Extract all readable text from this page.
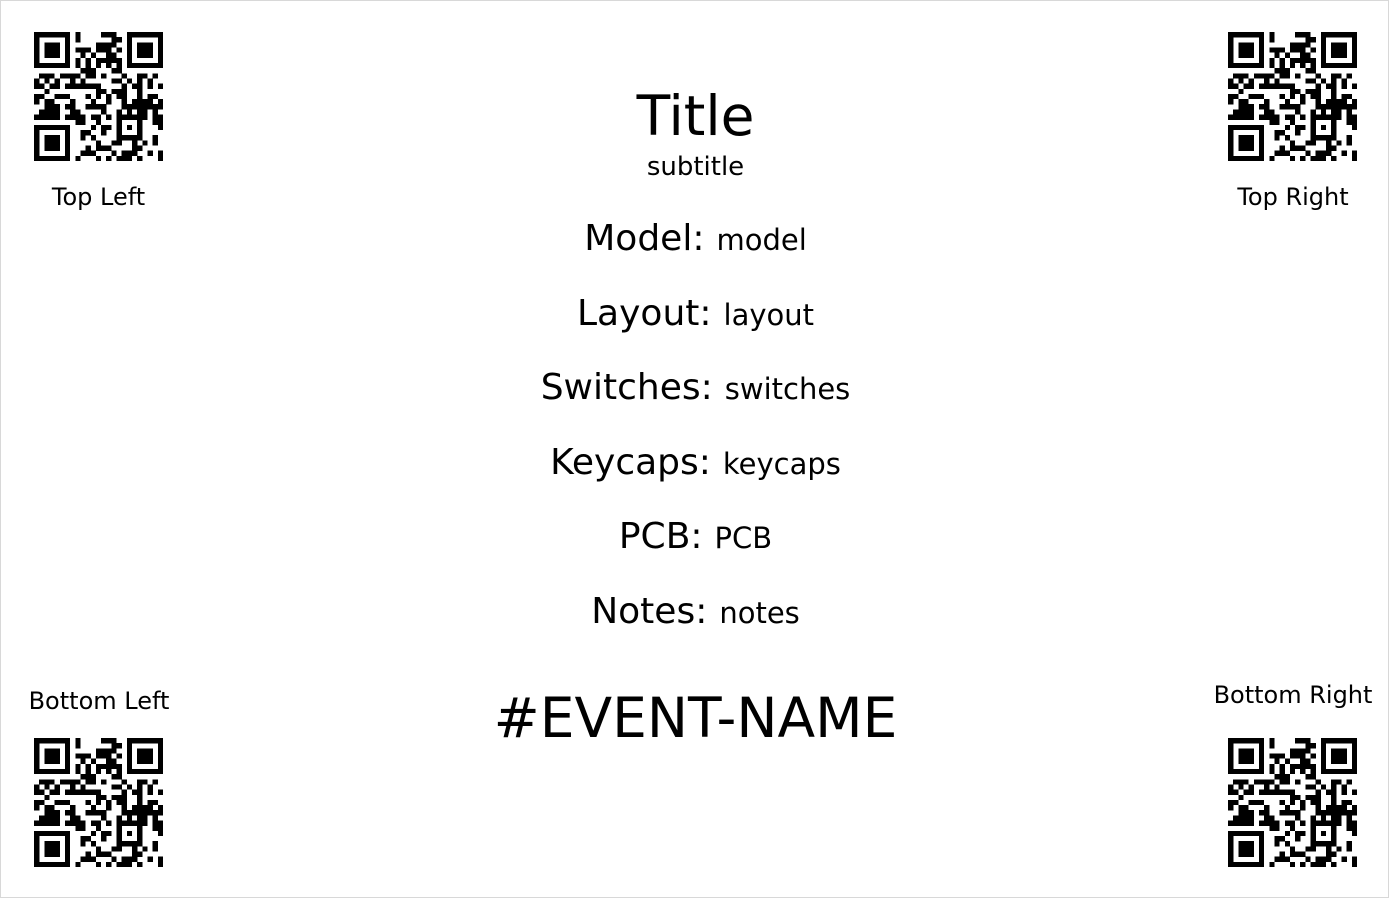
Top Left	Top Right
Bottom Left	Bottom Right
Title
subtitle
Model: model
Layout: layout
Switches: switches
Keycaps: keycaps
PCB: PCB
Notes: notes
#EVENT-NAME
